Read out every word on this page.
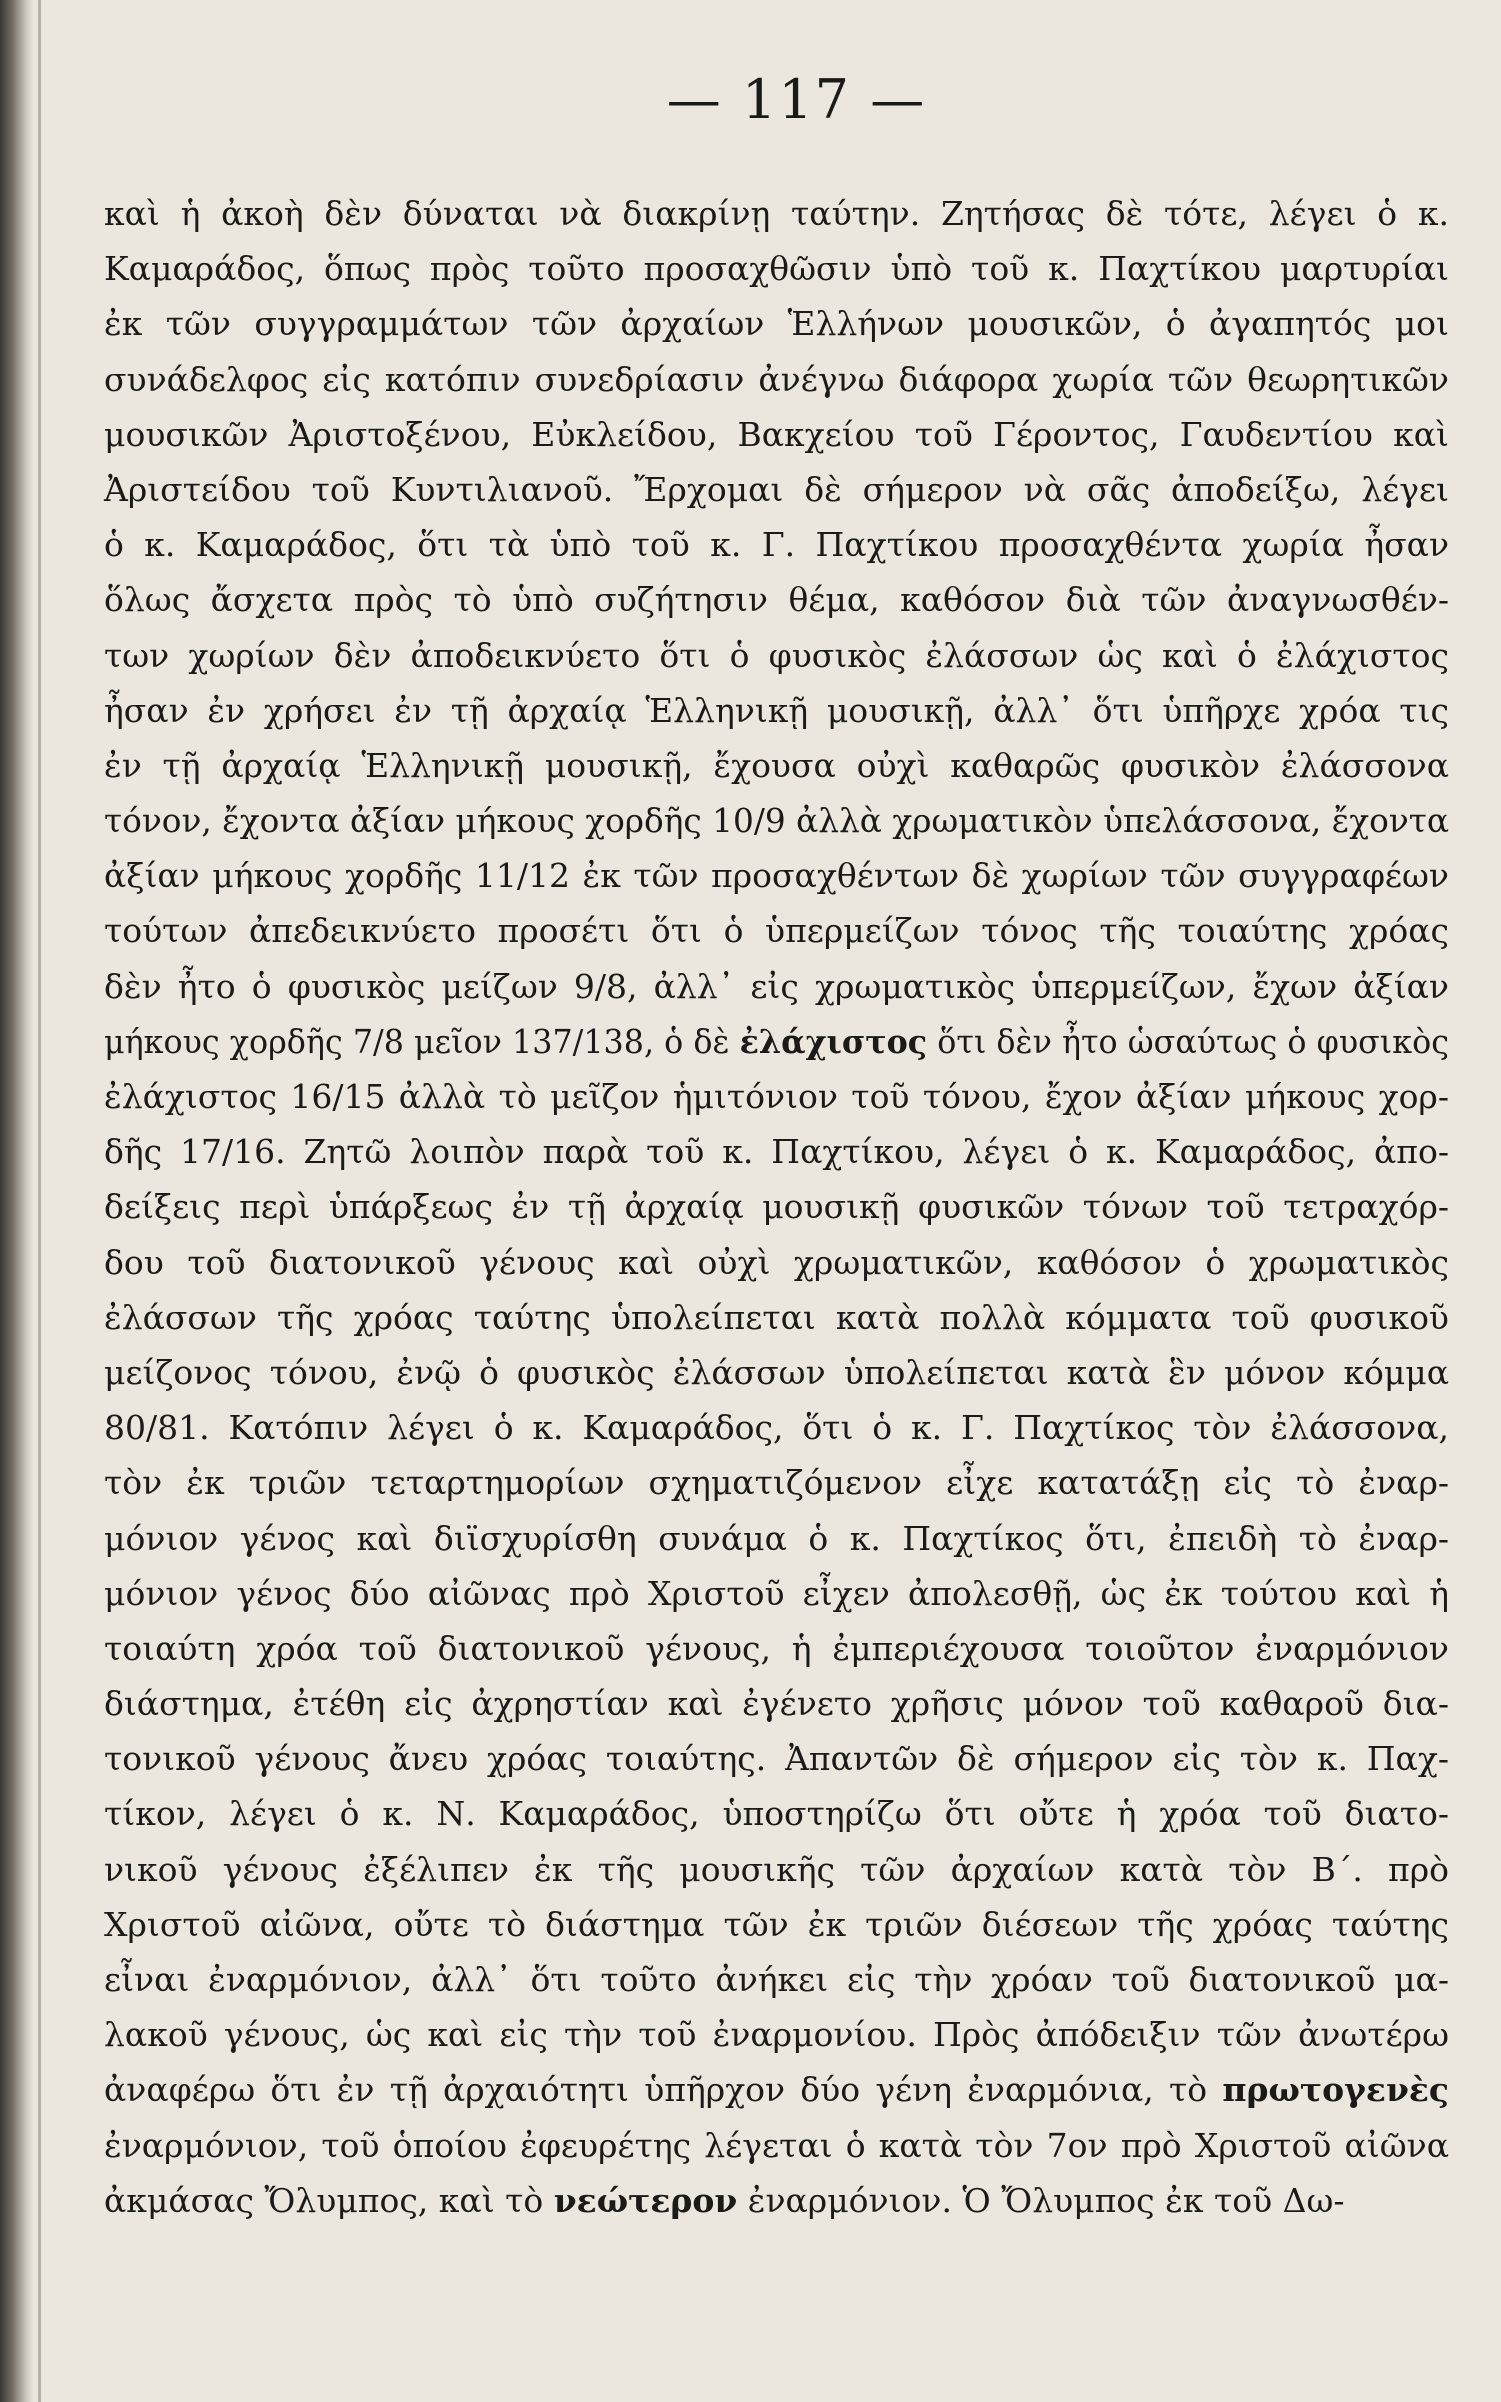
— 117 —
καὶ ἡ ἀκοὴ δὲν δύναται νὰ διακρίνῃ ταύτην. Ζητήσας δὲ τότε, λέγει ὁ κ.
Καμαράδος, ὅπως πρὸς τοῦτο προσαχθῶσιν ὑπὸ τοῦ κ. Παχτίκου μαρτυρίαι
ἐκ τῶν συγγραμμάτων τῶν ἀρχαίων Ἑλλήνων μουσικῶν, ὁ ἀγαπητός μοι
συνάδελφος εἰς κατόπιν συνεδρίασιν ἀνέγνω διάφορα χωρία τῶν θεωρητικῶν
μουσικῶν Ἀριστοξένου, Εὐκλείδου, Βακχείου τοῦ Γέροντος, Γαυδεντίου καὶ
Ἀριστείδου τοῦ Κυντιλιανοῦ. Ἔρχομαι δὲ σήμερον νὰ σᾶς ἀποδείξω, λέγει
ὁ κ. Καμαράδος, ὅτι τὰ ὑπὸ τοῦ κ. Γ. Παχτίκου προσαχθέντα χωρία ἦσαν
ὅλως ἄσχετα πρὸς τὸ ὑπὸ συζήτησιν θέμα, καθόσον διὰ τῶν ἀναγνωσθέν-
των χωρίων δὲν ἀποδεικνύετο ὅτι ὁ φυσικὸς ἐλάσσων ὡς καὶ ὁ ἐλάχιστος
ἦσαν ἐν χρήσει ἐν τῇ ἀρχαίᾳ Ἑλληνικῇ μουσικῇ, ἀλλ᾽ ὅτι ὑπῆρχε χρόα τις
ἐν τῇ ἀρχαίᾳ Ἑλληνικῇ μουσικῇ, ἔχουσα οὐχὶ καθαρῶς φυσικὸν ἐλάσσονα
τόνον, ἔχοντα ἀξίαν μήκους χορδῆς 10/9 ἀλλὰ χρωματικὸν ὑπελάσσονα, ἔχοντα
ἀξίαν μήκους χορδῆς 11/12 ἐκ τῶν προσαχθέντων δὲ χωρίων τῶν συγγραφέων
τούτων ἀπεδεικνύετο προσέτι ὅτι ὁ ὑπερμείζων τόνος τῆς τοιαύτης χρόας
δὲν ἦτο ὁ φυσικὸς μείζων 9/8, ἀλλ᾽ εἰς χρωματικὸς ὑπερμείζων, ἔχων ἀξίαν
μήκους χορδῆς 7/8 μεῖον 137/138, ὁ δὲ ἐλάχιστος ὅτι δὲν ἦτο ὡσαύτως ὁ φυσικὸς
ἐλάχιστος 16/15 ἀλλὰ τὸ μεῖζον ἡμιτόνιον τοῦ τόνου, ἔχον ἀξίαν μήκους χορ-
δῆς 17/16. Ζητῶ λοιπὸν παρὰ τοῦ κ. Παχτίκου, λέγει ὁ κ. Καμαράδος, ἀπο-
δείξεις περὶ ὑπάρξεως ἐν τῇ ἀρχαίᾳ μουσικῇ φυσικῶν τόνων τοῦ τετραχόρ-
δου τοῦ διατονικοῦ γένους καὶ οὐχὶ χρωματικῶν, καθόσον ὁ χρωματικὸς
ἐλάσσων τῆς χρόας ταύτης ὑπολείπεται κατὰ πολλὰ κόμματα τοῦ φυσικοῦ
μείζονος τόνου, ἐνῷ ὁ φυσικὸς ἐλάσσων ὑπολείπεται κατὰ ἓν μόνον κόμμα
80/81. Κατόπιν λέγει ὁ κ. Καμαράδος, ὅτι ὁ κ. Γ. Παχτίκος τὸν ἐλάσσονα,
τὸν ἐκ τριῶν τεταρτημορίων σχηματιζόμενον εἶχε κατατάξῃ εἰς τὸ ἐναρ-
μόνιον γένος καὶ διϊσχυρίσθη συνάμα ὁ κ. Παχτίκος ὅτι, ἐπειδὴ τὸ ἐναρ-
μόνιον γένος δύο αἰῶνας πρὸ Χριστοῦ εἶχεν ἀπολεσθῇ, ὡς ἐκ τούτου καὶ ἡ
τοιαύτη χρόα τοῦ διατονικοῦ γένους, ἡ ἐμπεριέχουσα τοιοῦτον ἐναρμόνιον
διάστημα, ἐτέθη εἰς ἀχρηστίαν καὶ ἐγένετο χρῆσις μόνον τοῦ καθαροῦ δια-
τονικοῦ γένους ἄνευ χρόας τοιαύτης. Ἀπαντῶν δὲ σήμερον εἰς τὸν κ. Παχ-
τίκον, λέγει ὁ κ. Ν. Καμαράδος, ὑποστηρίζω ὅτι οὔτε ἡ χρόα τοῦ διατο-
νικοῦ γένους ἐξέλιπεν ἐκ τῆς μουσικῆς τῶν ἀρχαίων κατὰ τὸν Β´. πρὸ
Χριστοῦ αἰῶνα, οὔτε τὸ διάστημα τῶν ἐκ τριῶν διέσεων τῆς χρόας ταύτης
εἶναι ἐναρμόνιον, ἀλλ᾽ ὅτι τοῦτο ἀνήκει εἰς τὴν χρόαν τοῦ διατονικοῦ μα-
λακοῦ γένους, ὡς καὶ εἰς τὴν τοῦ ἐναρμονίου. Πρὸς ἀπόδειξιν τῶν ἀνωτέρω
ἀναφέρω ὅτι ἐν τῇ ἀρχαιότητι ὑπῆρχον δύο γένη ἐναρμόνια, τὸ πρωτογενὲς
ἐναρμόνιον, τοῦ ὁποίου ἐφευρέτης λέγεται ὁ κατὰ τὸν 7ον πρὸ Χριστοῦ αἰῶνα
ἀκμάσας Ὄλυμπος, καὶ τὸ νεώτερον ἐναρμόνιον. Ὁ Ὄλυμπος ἐκ τοῦ Δω-
